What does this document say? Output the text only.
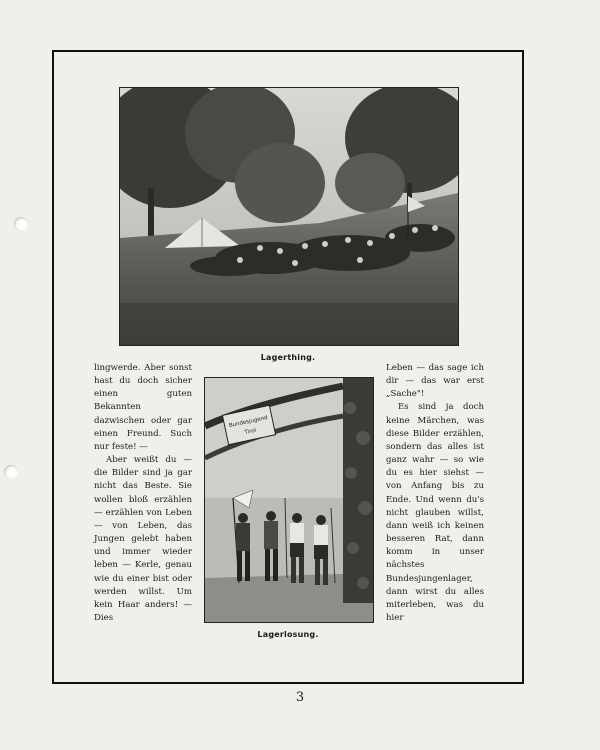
Lagerthing.
Bundesjugend
Tirol
Lagerlosung.

lingwerde. Aber sonst hast du doch sicher einen guten Bekannten dazwischen oder gar einen Freund. Such nur feste! —

Aber weißt du — die Bilder sind ja gar nicht das Beste. Sie wollen bloß erzählen — erzählen von Leben — von Leben, das Jungen gelebt haben und immer wieder leben — Kerle, genau wie du einer bist oder werden willst. Um kein Haar anders! — Dies

Leben — das sage ich dir — das war erst „Sache"!

Es sind ja doch keine Märchen, was diese Bilder erzählen, sondern das alles ist ganz wahr — so wie du es hier siehst — von Anfang bis zu Ende. Und wenn du's nicht glauben willst, dann weiß ich keinen besseren Rat, dann komm in unser nächstes Bundesjungenlager, dann wirst du alles miterleben, was du hier

3
